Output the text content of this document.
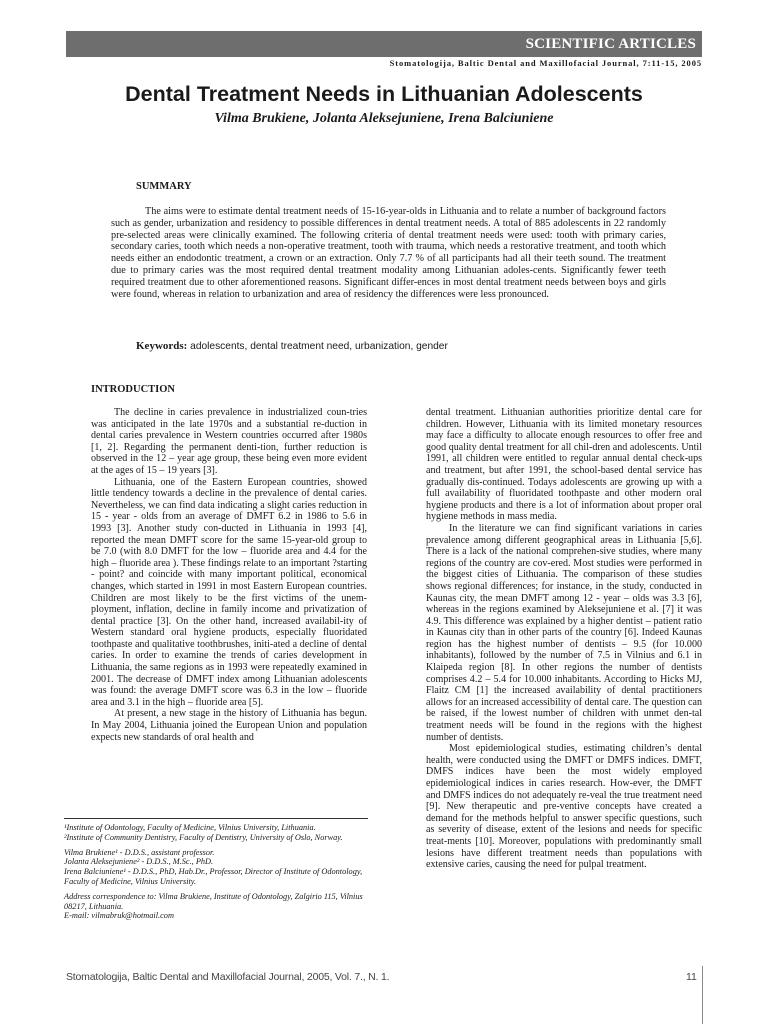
SCIENTIFIC ARTICLES
Stomatologija, Baltic Dental and Maxillofacial Journal, 7:11-15, 2005
Dental Treatment Needs in Lithuanian Adolescents
Vilma Brukiene, Jolanta Aleksejuniene, Irena Balciuniene
SUMMARY

The aims were to estimate dental treatment needs of 15-16-year-olds in Lithuania and to relate a number of background factors such as gender, urbanization and residency to possible differences in dental treatment needs. A total of 885 adolescents in 22 randomly pre-selected areas were clinically examined. The following criteria of dental treatment needs were used: tooth with primary caries, secondary caries, tooth which needs a non-operative treatment, tooth with trauma, which needs a restorative treatment, and tooth which needs either an endodontic treatment, a crown or an extraction. Only 7.7 % of all participants had all their teeth sound. The treatment due to primary caries was the most required dental treatment modality among Lithuanian adoles-cents. Significantly fewer teeth required treatment due to other aforementioned reasons. Significant differ-ences in most dental treatment needs between boys and girls were found, whereas in relation to urbanization and area of residency the differences were less pronounced.

Keywords: adolescents, dental treatment need, urbanization, gender

INTRODUCTION

The decline in caries prevalence in industrialized coun-tries was anticipated in the late 1970s and a substantial re-duction in dental caries prevalence in Western countries occurred after 1980s [1, 2]. Regarding the permanent denti-tion, further reduction is observed in the 12 – year age group, these being even more evident at the ages of 15 – 19 years [3].

Lithuania, one of the Eastern European countries, showed little tendency towards a decline in the prevalence of dental caries. Nevertheless, we can find data indicating a slight caries reduction in 15 - year - olds from an average of DMFT 6.2 in 1986 to 5.6 in 1993 [3]. Another study con-ducted in Lithuania in 1993 [4], reported the mean DMFT score for the same 15-year-old group to be 7.0 (with 8.0 DMFT for the low – fluoride area and 4.4 for the high – fluoride area ). These findings relate to an important ?starting - point? and coincide with many important political, economical changes, which started in 1991 in most Eastern European countries. Children are most likely to be the first victims of the unem-ployment, inflation, decline in family income and privatization of dental practice [3]. On the other hand, increased availabil-ity of Western standard oral hygiene products, especially fluoridated toothpaste and qualitative toothbrushes, initi-ated a decline of dental caries. In order to examine the trends of caries development in Lithuania, the same regions as in 1993 were repeatedly examined in 2001. The decrease of DMFT index among Lithuanian adolescents was found: the average DMFT score was 6.3 in the low – fluoride area and 3.1 in the high – fluoride area [5].

At present, a new stage in the history of Lithuania has begun. In May 2004, Lithuania joined the European Union and population expects new standards of oral health and

dental treatment. Lithuanian authorities prioritize dental care for children. However, Lithuania with its limited monetary resources may face a difficulty to allocate enough resources to offer free and good quality dental treatment for all chil-dren and adolescents. Until 1991, all children were entitled to regular annual dental check-ups and treatment, but after 1991, the school-based dental service has gradually dis-continued. Todays adolescents are growing up with a full availability of fluoridated toothpaste and other modern oral hygiene products and there is a lot of information about proper oral hygiene methods in mass media.

In the literature we can find significant variations in caries prevalence among different geographical areas in Lithuania [5,6]. There is a lack of the national comprehen-sive studies, where many regions of the country are cov-ered. Most studies were performed in the biggest cities of Lithuania. The comparison of these studies shows regional differences; for instance, in the study, conducted in Kaunas city, the mean DMFT among 12 - year – olds was 3.3 [6], whereas in the regions examined by Aleksejuniene et al. [7] it was 4.9. This difference was explained by a higher dentist – patient ratio in Kaunas city than in other parts of the country [6]. Indeed Kaunas region has the highest number of dentists – 9.5 (for 10.000 inhabitants), followed by the number of 7.5 in Vilnius and 6.1 in Klaipeda region [8]. In other regions the number of dentists comprises 4.2 – 5.4 for 10.000 inhabitants. According to Hicks MJ, Flaitz CM [1] the increased availability of dental practitioners allows for an increased accessibility of dental care. The question can be raised, if the lowest number of children with unmet den-tal treatment needs will be found in the regions with the highest number of dentists.

Most epidemiological studies, estimating children’s dental health, were conducted using the DMFT or DMFS indices. DMFT, DMFS indices have been the most widely employed epidemiological indices in caries research. How-ever, the DMFT and DMFS indices do not adequately re-veal the true treatment need [9]. New therapeutic and pre-ventive concepts have created a demand for the methods helpful to answer specific questions, such as severity of disease, extent of the lesions and needs for specific treat-ments [10]. Moreover, populations with predominantly small lesions have different treatment needs than populations with extensive caries, causing the need for pulpal treatment.

¹Institute of Odontology, Faculty of Medicine, Vilnius University, Lithuania.

²Institute of Community Dentistry, Faculty of Dentistry, University of Oslo, Norway.

Vilma Brukiene¹ - D.D.S., assistant professor.

Jolanta Aleksejuniene² - D.D.S., M.Sc., PhD.

Irena Balciuniene¹ - D.D.S., PhD, Hab.Dr., Professor, Director of Institute of Odontology, Faculty of Medicine, Vilnius University.

Address correspondence to: Vilma Brukiene, Institute of Odontology, Zalgirio 115, Vilnius 08217, Lithuania.

E-mail: vilmabruk@hotmail.com

Stomatologija, Baltic Dental and Maxillofacial Journal, 2005, Vol. 7., N. 1.	11
